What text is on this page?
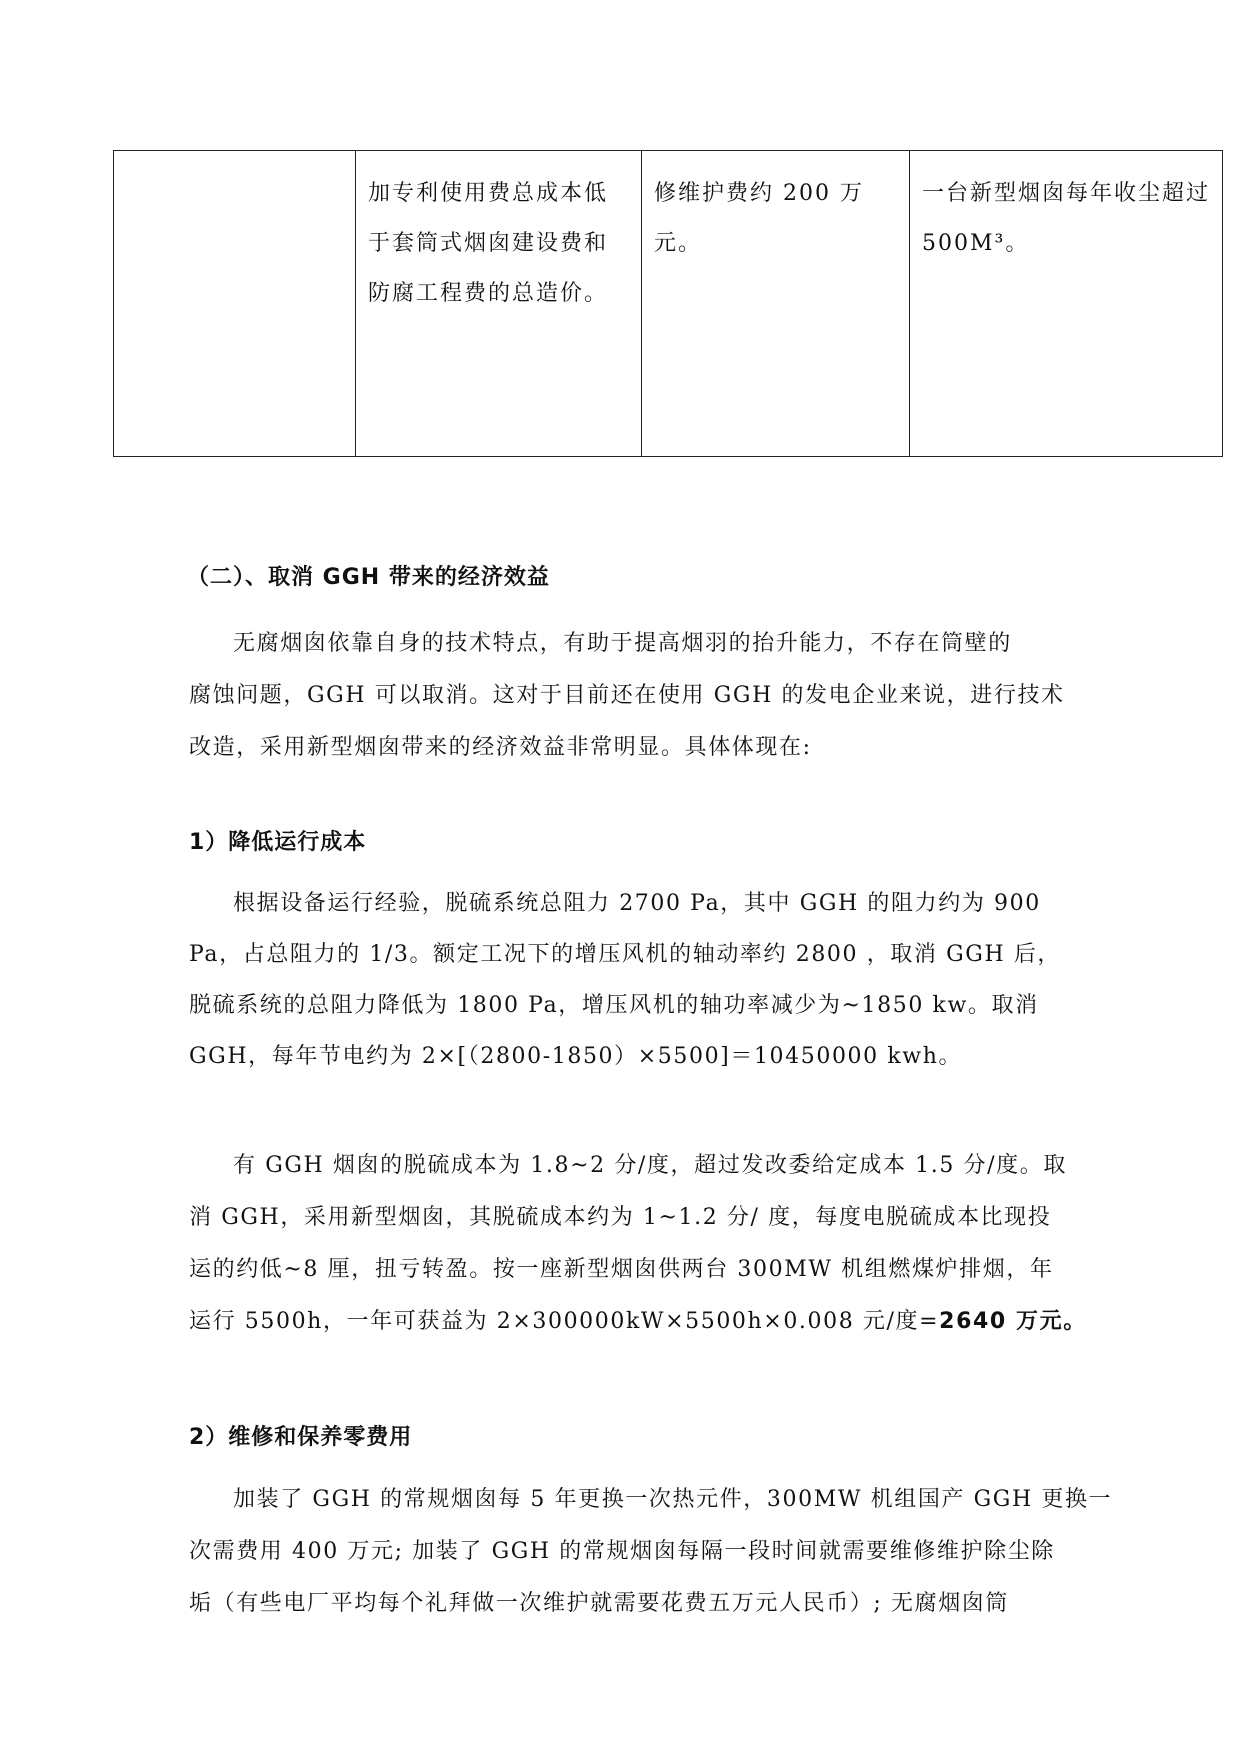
	加专利使用费总成本低于套筒式烟囱建设费和防腐工程费的总造价。	修维护费约 200 万元。	一台新型烟囱每年收尘超过 500M³。
（二）、取消 GGH 带来的经济效益
无腐烟囱依靠自身的技术特点，有助于提高烟羽的抬升能力，不存在筒壁的
腐蚀问题，GGH 可以取消。这对于目前还在使用 GGH 的发电企业来说，进行技术
改造，采用新型烟囱带来的经济效益非常明显。具体体现在:
1）降低运行成本
根据设备运行经验，脱硫系统总阻力 2700 Pa，其中 GGH 的阻力约为 900
Pa，占总阻力的 1/3。额定工况下的增压风机的轴动率约 2800 ，取消 GGH 后，
脱硫系统的总阻力降低为 1800 Pa，增压风机的轴功率减少为~1850 kw。取消
GGH，每年节电约为 2×[（2800-1850）×5500]＝10450000 kwh。
有 GGH 烟囱的脱硫成本为 1.8~2 分/度，超过发改委给定成本 1.5 分/度。取
消 GGH，采用新型烟囱，其脱硫成本约为 1~1.2 分/ 度，每度电脱硫成本比现投
运的约低~8 厘，扭亏转盈。按一座新型烟囱供两台 300MW 机组燃煤炉排烟，年
运行 5500h，一年可获益为 2×300000kW×5500h×0.008 元/度=2640 万元。
2）维修和保养零费用
加装了 GGH 的常规烟囱每 5 年更换一次热元件，300MW 机组国产 GGH 更换一
次需费用 400 万元; 加装了 GGH 的常规烟囱每隔一段时间就需要维修维护除尘除
垢（有些电厂平均每个礼拜做一次维护就需要花费五万元人民币）; 无腐烟囱筒
